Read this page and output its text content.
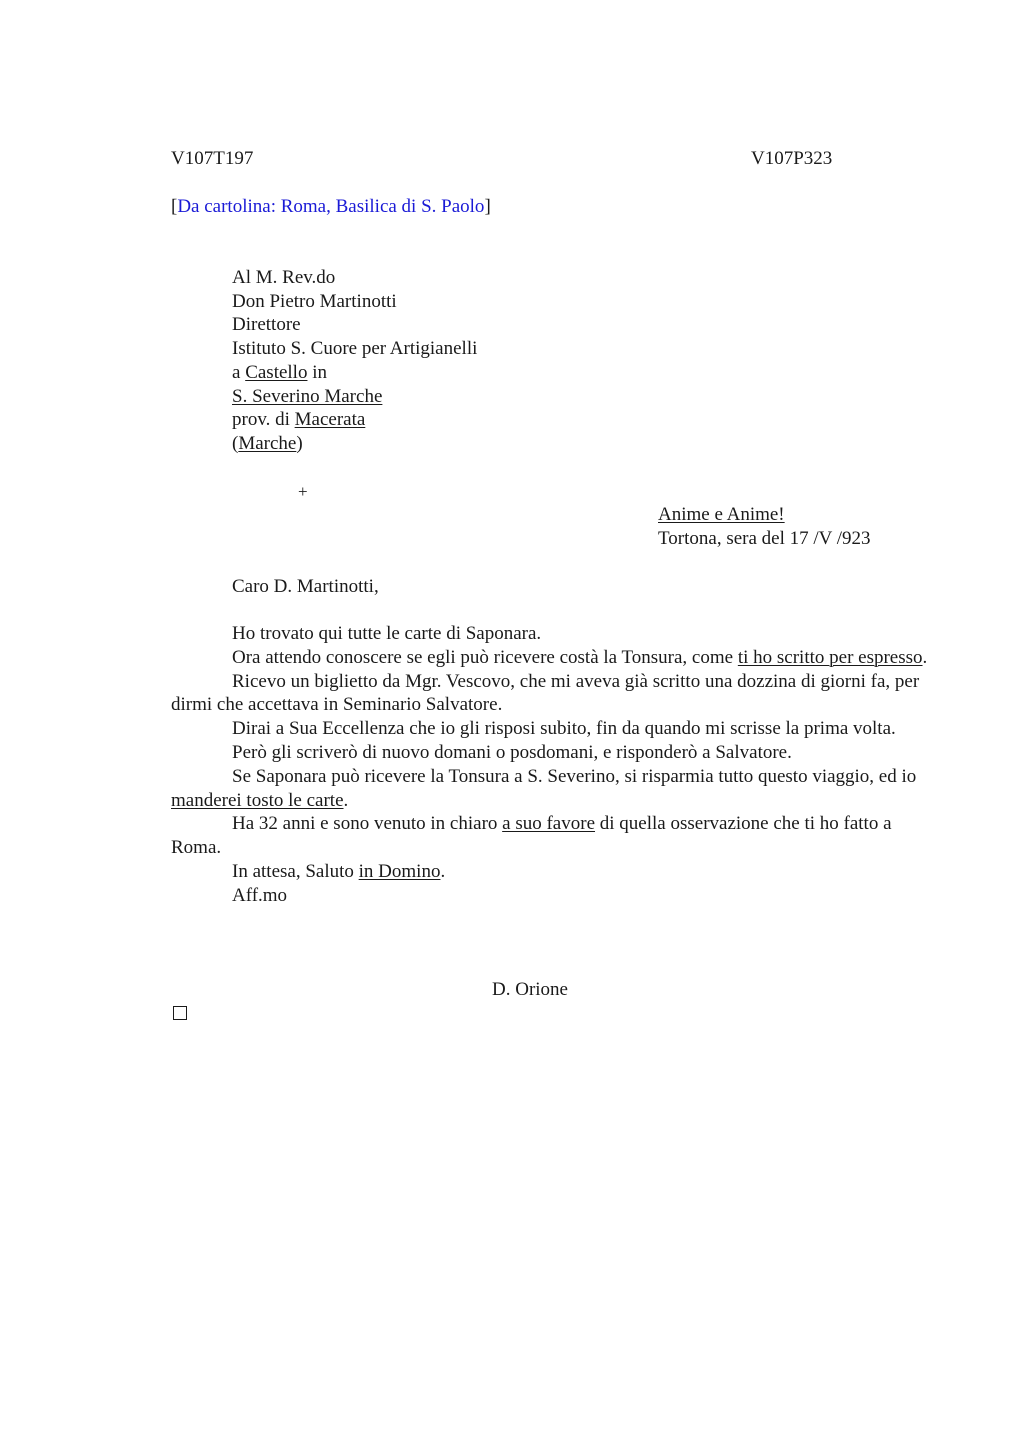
V107T197	V107P323
[Da cartolina: Roma, Basilica di S. Paolo]
Al M. Rev.do
Don Pietro Martinotti
Direttore
Istituto S. Cuore per Artigianelli
a Castello in
S. Severino Marche
prov. di Macerata
(Marche)
+
Anime e Anime!
Tortona, sera del 17 /V /923
Caro D. Martinotti,

Ho trovato qui tutte le carte di Saponara.

Ora attendo conoscere se egli può ricevere costà la Tonsura, come ti ho scritto per espresso.

Ricevo un biglietto da Mgr. Vescovo, che mi aveva già scritto una dozzina di giorni fa, per dirmi che accettava in Seminario Salvatore.

Dirai a Sua Eccellenza che io gli risposi subito, fin da quando mi scrisse la prima volta.

Però gli scriverò di nuovo domani o posdomani, e risponderò a Salvatore.

Se Saponara può ricevere la Tonsura a S. Severino, si risparmia tutto questo viaggio, ed io manderei tosto le carte.

Ha 32 anni e sono venuto in chiaro a suo favore di quella osservazione che ti ho fatto a Roma.

In attesa, Saluto in Domino.

Aff.mo

D. Orione
